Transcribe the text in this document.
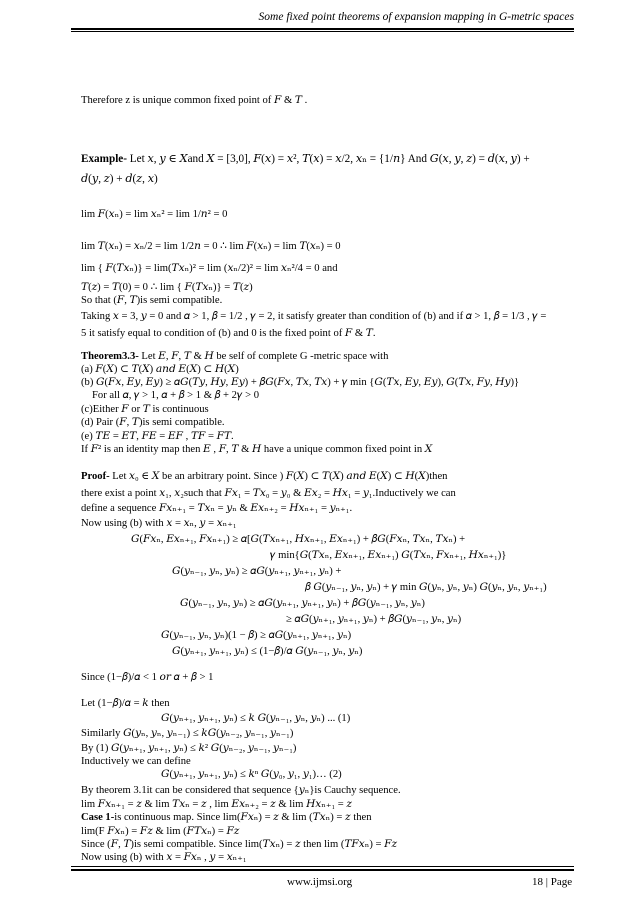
Some fixed point theorems of expansion mapping in G-metric spaces
Therefore z is unique common fixed point of 𝐹 & 𝑇 .
Example- Let 𝑥, 𝑦 ∈ 𝑋and 𝑋 = [3,0], 𝐹(𝑥) = 𝑥², 𝑇(𝑥) = 𝑥/2, 𝑥ₙ = {1/𝑛} And 𝐺(𝑥, 𝑦, 𝑧) = 𝑑(𝑥, 𝑦) +
𝑑(𝑦, 𝑧) + 𝑑(𝑧, 𝑥)
lim 𝐹(𝑥ₙ) = lim 𝑥ₙ² = lim 1/𝑛² = 0
lim 𝑇(𝑥ₙ) = 𝑥ₙ/2 = lim 1/2𝑛 = 0 ∴ lim 𝐹(𝑥ₙ) = lim 𝑇(𝑥ₙ) = 0
lim { 𝐹(𝑇𝑥ₙ)} = lim(𝑇𝑥ₙ)² = lim (𝑥ₙ/2)² = lim 𝑥ₙ²/4 = 0 and
𝑇(𝑧) = 𝑇(0) = 0 ∴ lim { 𝐹(𝑇𝑥ₙ)} = 𝑇(𝑧)
So that (𝐹, 𝑇)is semi compatible.
Taking 𝑥 = 3, 𝑦 = 0 and 𝛼 > 1, 𝛽 = 1/2 , 𝛾 = 2, it satisfy greater than condition of (b) and if 𝛼 > 1, 𝛽 = 1/3 , 𝛾 =
5 it satisfy equal to condition of (b) and 0 is the fixed point of 𝐹 & 𝑇.
Theorem3.3- Let 𝐸, 𝐹, 𝑇 & 𝐻 be self of complete G -metric space with
(a) 𝐹(𝑋) ⊂ 𝑇(𝑋) 𝑎𝑛𝑑 𝐸(𝑋) ⊂ 𝐻(𝑋)
(b) 𝐺(𝐹𝑥, 𝐸𝑦, 𝐸𝑦) ≥ 𝛼𝐺(𝑇𝑦, 𝐻𝑦, 𝐸𝑦) + 𝛽𝐺(𝐹𝑥, 𝑇𝑥, 𝑇𝑥) + 𝛾 min {𝐺(𝑇𝑥, 𝐸𝑦, 𝐸𝑦), 𝐺(𝑇𝑥, 𝐹𝑦, 𝐻𝑦)}
For all 𝛼, 𝛾 > 1, 𝛼 + 𝛽 > 1 & 𝛽 + 2𝛾 > 0
(c)Either 𝐹 or 𝑇 is continuous
(d) Pair (𝐹, 𝑇)is semi compatible.
(e) 𝑇𝐸 = 𝐸𝑇, 𝐹𝐸 = 𝐸𝐹 , 𝑇𝐹 = 𝐹𝑇.
If 𝐹² is an identity map then 𝐸 , 𝐹, 𝑇 & 𝐻 have a unique common fixed point in 𝑋
Proof- Let 𝑥₀ ∈ 𝑋 be an arbitrary point. Since ) 𝐹(𝑋) ⊂ 𝑇(𝑋) 𝑎𝑛𝑑 𝐸(𝑋) ⊂ 𝐻(𝑋)then
there exist a point 𝑥₁, 𝑥₂such that 𝐹𝑥₁ = 𝑇𝑥₀ = 𝑦₀ & 𝐸𝑥₂ = 𝐻𝑥₁ = 𝑦₁.Inductively we can
define a sequence 𝐹𝑥ₙ₊₁ = 𝑇𝑥ₙ = 𝑦ₙ & 𝐸𝑥ₙ₊₂ = 𝐻𝑥ₙ₊₁ = 𝑦ₙ₊₁.
Now using (b) with 𝑥 = 𝑥ₙ, 𝑦 = 𝑥ₙ₊₁
𝐺(𝐹𝑥ₙ, 𝐸𝑥ₙ₊₁, 𝐹𝑥ₙ₊₁) ≥ 𝛼[𝐺(𝑇𝑥ₙ₊₁, 𝐻𝑥ₙ₊₁, 𝐸𝑥ₙ₊₁) + 𝛽𝐺(𝐹𝑥ₙ, 𝑇𝑥ₙ, 𝑇𝑥ₙ) +
𝛾 min{𝐺(𝑇𝑥ₙ, 𝐸𝑥ₙ₊₁, 𝐸𝑥ₙ₊₁) 𝐺(𝑇𝑥ₙ, 𝐹𝑥ₙ₊₁, 𝐻𝑥ₙ₊₁)}
𝐺(𝑦ₙ₋₁, 𝑦ₙ, 𝑦ₙ) ≥ 𝛼𝐺(𝑦ₙ₊₁, 𝑦ₙ₊₁, 𝑦ₙ) +
𝛽 𝐺(𝑦ₙ₋₁, 𝑦ₙ, 𝑦ₙ) + 𝛾 min 𝐺(𝑦ₙ, 𝑦ₙ, 𝑦ₙ) 𝐺(𝑦ₙ, 𝑦ₙ, 𝑦ₙ₊₁)
𝐺(𝑦ₙ₋₁, 𝑦ₙ, 𝑦ₙ) ≥ 𝛼𝐺(𝑦ₙ₊₁, 𝑦ₙ₊₁, 𝑦ₙ) + 𝛽𝐺(𝑦ₙ₋₁, 𝑦ₙ, 𝑦ₙ)
≥ 𝛼𝐺(𝑦ₙ₊₁, 𝑦ₙ₊₁, 𝑦ₙ) + 𝛽𝐺(𝑦ₙ₋₁, 𝑦ₙ, 𝑦ₙ)
𝐺(𝑦ₙ₋₁, 𝑦ₙ, 𝑦ₙ)(1 − 𝛽) ≥ 𝛼𝐺(𝑦ₙ₊₁, 𝑦ₙ₊₁, 𝑦ₙ)
𝐺(𝑦ₙ₊₁, 𝑦ₙ₊₁, 𝑦ₙ) ≤ (1−𝛽)/𝛼 𝐺(𝑦ₙ₋₁, 𝑦ₙ, 𝑦ₙ)
Since (1−𝛽)/𝛼 < 1 𝑜𝑟 𝛼 + 𝛽 > 1
Let (1−𝛽)/𝛼 = 𝑘 then
𝐺(𝑦ₙ₊₁, 𝑦ₙ₊₁, 𝑦ₙ) ≤ 𝑘 𝐺(𝑦ₙ₋₁, 𝑦ₙ, 𝑦ₙ) ... (1)
Similarly 𝐺(𝑦ₙ, 𝑦ₙ, 𝑦ₙ₋₁) ≤ 𝑘𝐺(𝑦ₙ₋₂, 𝑦ₙ₋₁, 𝑦ₙ₋₁)
By (1) 𝐺(𝑦ₙ₊₁, 𝑦ₙ₊₁, 𝑦ₙ) ≤ 𝑘² 𝐺(𝑦ₙ₋₂, 𝑦ₙ₋₁, 𝑦ₙ₋₁)
Inductively we can define
𝐺(𝑦ₙ₊₁, 𝑦ₙ₊₁, 𝑦ₙ) ≤ 𝑘ⁿ 𝐺(𝑦₀, 𝑦₁, 𝑦₁)… (2)
By theorem 3.1it can be considered that sequence {𝑦ₙ}is Cauchy sequence.
lim 𝐹𝑥ₙ₊₁ = 𝑧 & lim 𝑇𝑥ₙ = 𝑧 , lim 𝐸𝑥ₙ₊₂ = 𝑧 & lim 𝐻𝑥ₙ₊₁ = 𝑧
Case 1-is continuous map. Since lim(𝐹𝑥ₙ) = 𝑧 & lim (𝑇𝑥ₙ) = 𝑧 then
lim(F 𝐹𝑥ₙ) = 𝐹𝑧 & lim (𝐹𝑇𝑥ₙ) = 𝐹𝑧
Since (𝐹, 𝑇)is semi compatible. Since lim(𝑇𝑥ₙ) = 𝑧 then lim (𝑇𝐹𝑥ₙ) = 𝐹𝑧
Now using (b) with 𝑥 = 𝐹𝑥ₙ , 𝑦 = 𝑥ₙ₊₁
www.ijmsi.org	18 | Page
